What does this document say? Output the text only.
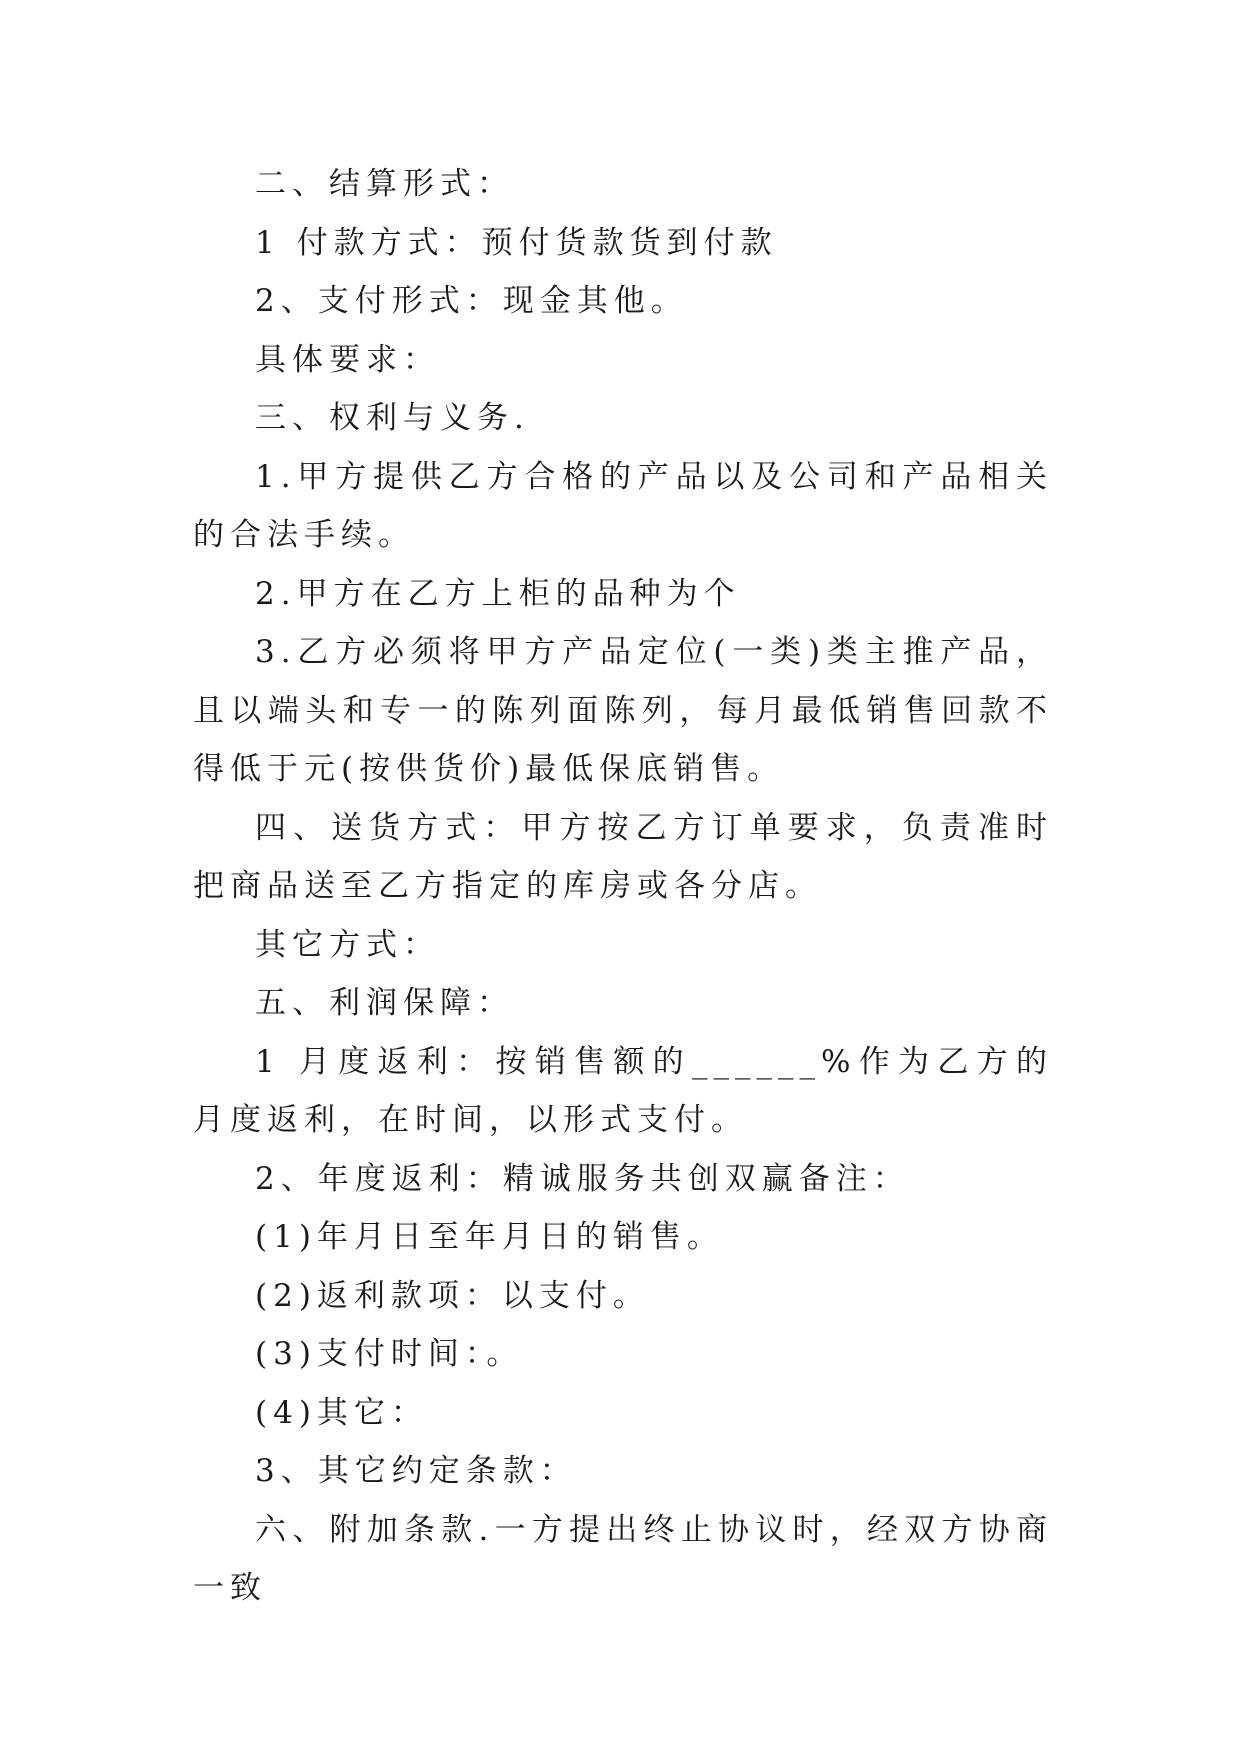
二、结算形式：

1 付款方式：预付货款货到付款

2、支付形式：现金其他。

具体要求：

三、权利与义务.

1.甲方提供乙方合格的产品以及公司和产品相关的合法手续。

2.甲方在乙方上柜的品种为个

3.乙方必须将甲方产品定位(一类)类主推产品，且以端头和专一的陈列面陈列，每月最低销售回款不得低于元(按供货价)最低保底销售。

四、送货方式：甲方按乙方订单要求，负责准时把商品送至乙方指定的库房或各分店。

其它方式：

五、利润保障：

1 月度返利：按销售额的______%作为乙方的月度返利，在时间，以形式支付。

2、年度返利：精诚服务共创双赢备注：

(1)年月日至年月日的销售。

(2)返利款项：以支付。

(3)支付时间：。

(4)其它：

3、其它约定条款：

六、附加条款.一方提出终止协议时，经双方协商一致
